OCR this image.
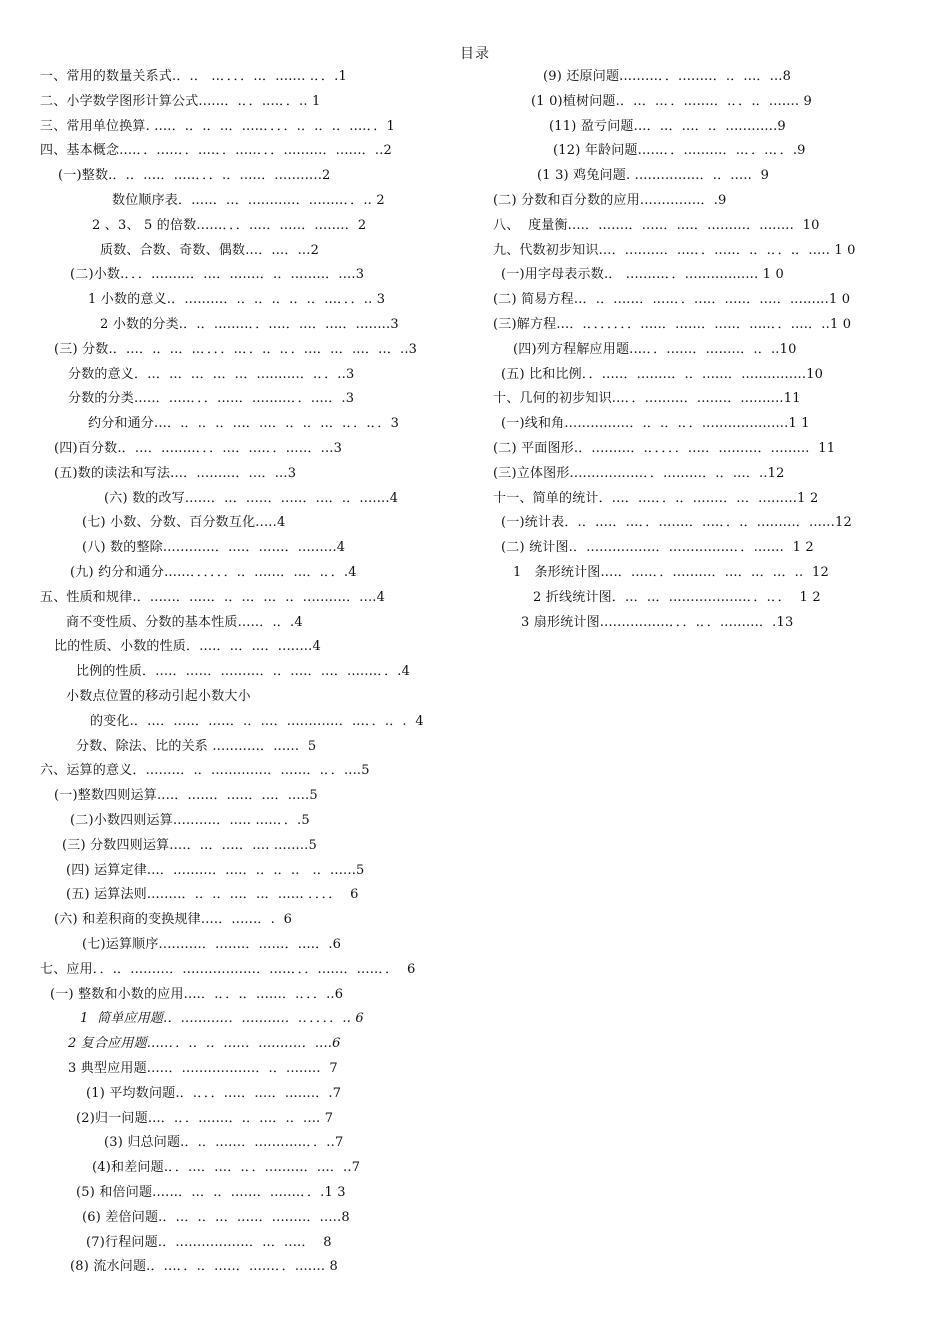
目录
一、常用的数量关系式.．.． ..．．．．..．....... .．．.1
二、小学数学图形计算公式......．.．．....．．.. 1
三、常用单位换算. ....．.．.．..．.....．．．．.．.．.．....．．1
四、基本概念....．．.....．．....．．.....．．．.........．......．..2
(一)整数.．.．....．.....．．．.．.....．...........2
数位顺序表．.....．..．...........．........．．.. 2
2 、3、 5 的倍数......．．．....．.....．.......．2
质数、合数、奇数、偶数...．...．...2
(二)小数.．．．.........．...．.......．.．........．....3
1 小数的意义.．.........．.．.．.．.．.．...．．．.. 3
2 小数的分类.．.．........．．....．...．....．........3
(三) 分数.．...．.．..．..．．．．..．．.．.．．...．..．...．..．..3
分数的意义．..．..．..．..．..．..........．.．．..3
分数的分类.....．.....．．．.....．.........．．....．.3
约分和通分...．.．.．.．...．...．.．.．..．.．．.．．3
(四)百分数.．...．........．．．...．....．．.....．...3
(五)数的读法和写法...．.........．...．...3
(六) 数的改写......．..．.....．.....．...．.．.......4
(七) 小数、分数、百分数互化.....4
(八) 数的整除............．....．......．.........4
(九) 约分和通分......．．．．．．.．......．...．.．．.4
五、性质和规律.．......．.....．.．..．..．.．..........．....4
商不变性质、分数的基本性质.....．.．.4
比的性质、小数的性质．....．..．...．........4
比例的性质．....．.....．.........．.．....．...．.......．．.4
小数点位置的移动引起小数大小
的变化.．...．.....．.....．.．...．............．...．．.．.  4
分数、除法、比的关系 ...........．......  5
六、运算的意义．........．.．.............．......．.．．....5
(一)整数四则运算....．......．.....．...．.....5
(二)小数四则运算..........．..... .....．．.5
(三) 分数四则运算....．..．....．.... ........5
(四) 运算定律...．.........．....．.．.．..   .．......5
(五) 运算法则........．.．.．...．..．...... ．．．．  6
(六) 和差积商的变换规律....．......．.  6
(七)运算顺序..........．.......．......．....．.6
七、应用．．.．.........．.................．.....．．．......．.....．．  6
(一) 整数和小数的应用....．.．．.．......．.．．．..6
1  简单应用题.．...........．..........．.．．．．．.. 6
2 复合应用题.....．．.．.．.....．..........．....6
3 典型应用题.....．.................．.．........  7
(1) 平均数问题.．.．．．....．....．.......．.7
(2)归一问题...．.．．.......．.．...．.．.... 7
(3) 归总问题.．.．......．............．．..7
(4)和差问题.．．...．...．.．．.........．...．..7
(5) 和倍问题......．..．.．......．.......．．.1 3
(6) 差倍问题.．..．.．..．.....．........．.....8
(7)行程问题.．.................．..．....．  8
(8) 流水问题.．...．．.．.....．......．．....... 8
(9) 还原问题.........．．........．.．...．...8
(1 0)植树问题.．..．..．．.......．.．．.．....... 9
(11) 盈亏问题...．..．...．.．............9
(12) 年龄问题......．．.........．..．．..．．.9
(1 3) 鸡兔问题. ...............．.．.....  9
(二) 分数和百分数的应用..............．.9
八、  度量衡....．.......．.....．....．.........．........  10
九、代数初步知识...．.........．....．．.....．.．.．．.．..... 1 0
(一)用字母表示数.． .........．．................. 1 0
(二) 简易方程..．.．......．.....．．....．.....．....．.........1 0
(三)解方程...．.．．．．．．．.....．......．.....．.....．．....．..1 0
(四)列方程解应用题....．．......．........．.．..10
(五) 比和比例．．.....．........．.．......．...............10
十、几何的初步知识...．．.........．.......．..........11
(一)线和角...............．.．.．.．．....................1 1
(二) 平面图形.．.........．.．．．．．....．.........．.........  11
(三)立体图形.................．．.........．.．...．..12
十一、简单的统计．...．....．．.．.......．..．.........1 2
(一)统计表．.．....．...．．.......．....．．.．.........．......12
(二) 统计图.．................．...............．．.......  1 2
1   条形统计图....．.....．．.........．...．..．..．..  12
2 折线统计图．..．..．..................．．.．．  1 2
3 扇形统计图................．．．.．．.........．.13
